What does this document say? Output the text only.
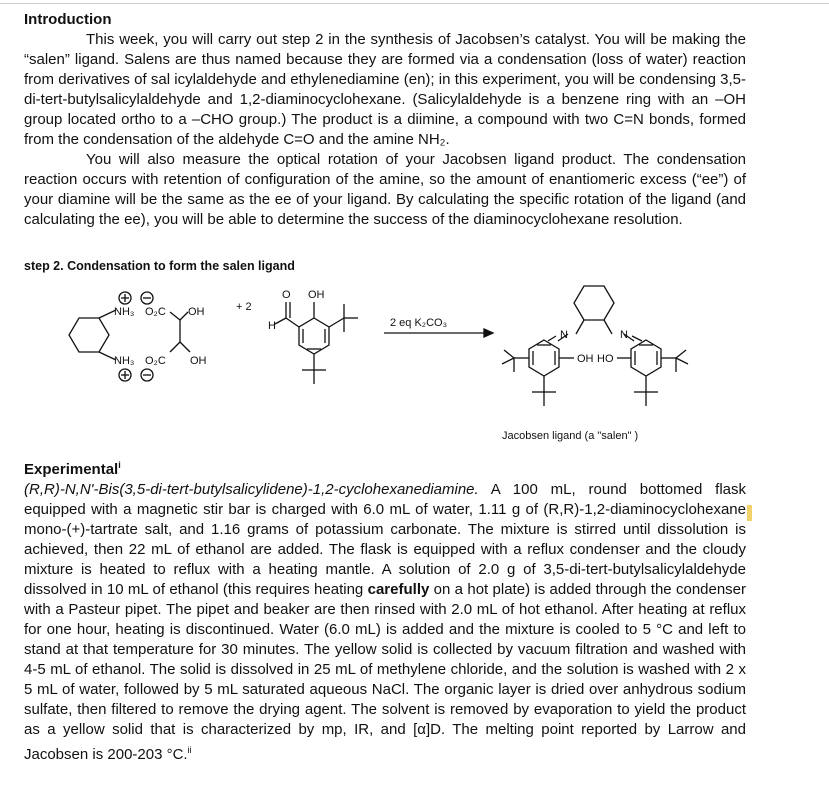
Introduction

This week, you will carry out step 2 in the synthesis of Jacobsen’s catalyst. You will be making the “salen” ligand. Salens are thus named because they are formed via a condensation (loss of water) reaction from derivatives of sal icylaldehyde and ethylenediamine (en); in this experiment, you will be condensing 3,5-di-tert-butylsalicylaldehyde and 1,2-diaminocyclohexane. (Salicylaldehyde is a benzene ring with an –OH group located ortho to a –CHO group.) The product is a diimine, a compound with two C=N bonds, formed from the condensation of the aldehyde C=O and the amine NH₂.

You will also measure the optical rotation of your Jacobsen ligand product. The condensation reaction occurs with retention of configuration of the amine, so the amount of enantiomeric excess (“ee”) of your diamine will be the same as the ee of your ligand. By calculating the specific rotation of the ligand (and calculating the ee), you will be able to determine the success of the diaminocyclohexane resolution.

step 2. Condensation to form the salen ligand

NH₃ O₂C OH
NH₃ O₂C OH
+ 2
O
H
OH
2 eq K₂CO₃
N	N
OH HO
Jacobsen ligand (a "salen" )
Experimental$^i$

(R,R)-N,N'-Bis(3,5-di-tert-butylsalicylidene)-1,2-cyclohexanediamine. A 100 mL, round bottomed flask equipped with a magnetic stir bar is charged with 6.0 mL of water, 1.11 g of (R,R)-1,2-diaminocyclohexane mono-(+)-tartrate salt, and 1.16 grams of potassium carbonate. The mixture is stirred until dissolution is achieved, then 22 mL of ethanol are added. The flask is equipped with a reflux condenser and the cloudy mixture is heated to reflux with a heating mantle. A solution of 2.0 g of 3,5-di-tert-butylsalicylaldehyde dissolved in 10 mL of ethanol (this requires heating carefully on a hot plate) is added through the condenser with a Pasteur pipet. The pipet and beaker are then rinsed with 2.0 mL of hot ethanol. After heating at reflux for one hour, heating is discontinued. Water (6.0 mL) is added and the mixture is cooled to 5 °C and left to stand at that temperature for 30 minutes. The yellow solid is collected by vacuum filtration and washed with 4-5 mL of ethanol. The solid is dissolved in 25 mL of methylene chloride, and the solution is washed with 2 x 5 mL of water, followed by 5 mL saturated aqueous NaCl. The organic layer is dried over anhydrous sodium sulfate, then filtered to remove the drying agent. The solvent is removed by evaporation to yield the product as a yellow solid that is characterized by mp, IR, and [α]D. The melting point reported by Larrow and Jacobsen is 200-203 °C.$^{ii}$
